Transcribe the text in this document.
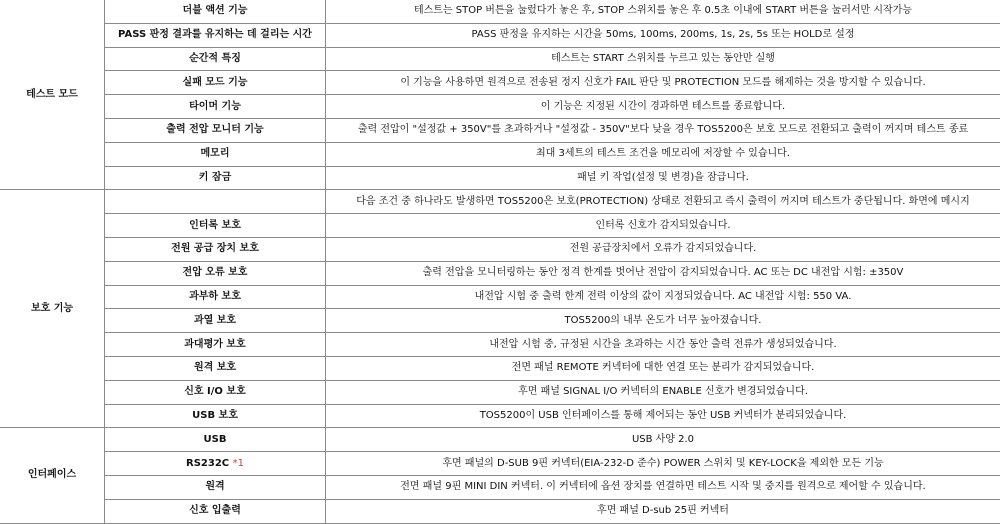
테스트 모드	더블 액션 기능	테스트는 STOP 버튼을 눌렀다가 놓은 후, STOP 스위치를 놓은 후 0.5초 이내에 START 버튼을 눌러서만 시작가능
	PASS 판정 결과를 유지하는 데 걸리는 시간	PASS 판정을 유지하는 시간을 50ms, 100ms, 200ms, 1s, 2s, 5s 또는 HOLD로 설정
	순간적 특징	테스트는 START 스위치를 누르고 있는 동안만 실행
	실패 모드 기능	이 기능을 사용하면 원격으로 전송된 정지 신호가 FAIL 판단 및 PROTECTION 모드를 해제하는 것을 방지할 수 있습니다.
	타이머 기능	이 기능은 지정된 시간이 경과하면 테스트를 종료합니다.
	출력 전압 모니터 기능	출력 전압이 "설정값 + 350V"를 초과하거나 "설정값 - 350V"보다 낮을 경우 TOS5200은 보호 모드로 전환되고 출력이 꺼지며 테스트 종료
	메모리	최대 3세트의 테스트 조건을 메모리에 저장할 수 있습니다.
	키 잠금	패널 키 작업(설정 및 변경)을 잠급니다.
보호 기능		다음 조건 중 하나라도 발생하면 TOS5200은 보호(PROTECTION) 상태로 전환되고 즉시 출력이 꺼지며 테스트가 중단됩니다. 화면에 메시지
	인터록 보호	인터록 신호가 감지되었습니다.
	전원 공급 장치 보호	전원 공급장치에서 오류가 감지되었습니다.
	전압 오류 보호	출력 전압을 모니터링하는 동안 정격 한계를 벗어난 전압이 감지되었습니다. AC 또는 DC 내전압 시험: ±350V
	과부하 보호	내전압 시험 중 출력 한계 전력 이상의 값이 지정되었습니다. AC 내전압 시험: 550 VA.
	과열 보호	TOS5200의 내부 온도가 너무 높아졌습니다.
	과대평가 보호	내전압 시험 중, 규정된 시간을 초과하는 시간 동안 출력 전류가 생성되었습니다.
	원격 보호	전면 패널 REMOTE 커넥터에 대한 연결 또는 분리가 감지되었습니다.
	신호 I/O 보호	후면 패널 SIGNAL I/O 커넥터의 ENABLE 신호가 변경되었습니다.
	USB 보호	TOS5200이 USB 인터페이스를 통해 제어되는 동안 USB 커넥터가 분리되었습니다.
인터페이스	USB	USB 사양 2.0
	RS232C *1	후면 패널의 D-SUB 9핀 커넥터(EIA-232-D 준수) POWER 스위치 및 KEY-LOCK을 제외한 모든 기능
	원격	전면 패널 9핀 MINI DIN 커넥터. 이 커넥터에 옵션 장치를 연결하면 테스트 시작 및 중지를 원격으로 제어할 수 있습니다.
	신호 입출력	후면 패널 D-sub 25핀 커넥터
